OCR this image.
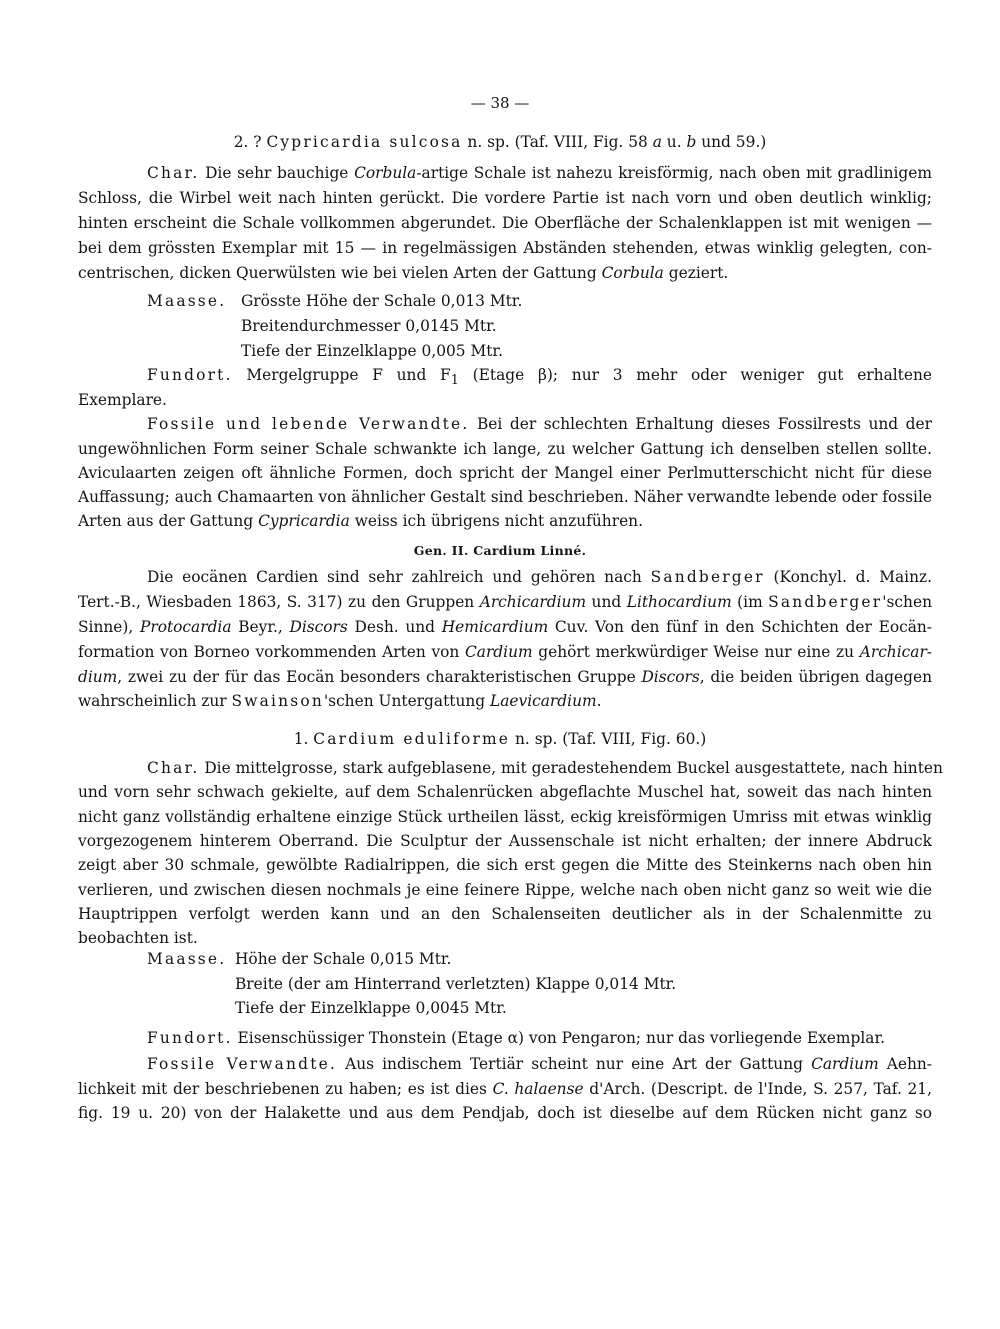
— 38 —
2. ? Cypricardia sulcosa n. sp. (Taf. VIII, Fig. 58 a u. b und 59.)
Char. Die sehr bauchige Corbula-artige Schale ist nahezu kreisförmig, nach oben mit gradlinigem
Schloss, die Wirbel weit nach hinten gerückt. Die vordere Partie ist nach vorn und oben deutlich winklig;
hinten erscheint die Schale vollkommen abgerundet. Die Oberfläche der Schalenklappen ist mit wenigen —
bei dem grössten Exemplar mit 15 — in regelmässigen Abständen stehenden, etwas winklig gelegten, con-
centrischen, dicken Querwülsten wie bei vielen Arten der Gattung Corbula geziert.
Maasse. Grösste Höhe der Schale 0,013 Mtr.
Breitendurchmesser 0,0145 Mtr.
Tiefe der Einzelklappe 0,005 Mtr.
Fundort. Mergelgruppe F und $F_1$ (Etage β); nur 3 mehr oder weniger gut erhaltene
Exemplare.
Fossile und lebende Verwandte. Bei der schlechten Erhaltung dieses Fossilrests und der
ungewöhnlichen Form seiner Schale schwankte ich lange, zu welcher Gattung ich denselben stellen sollte.
Aviculaarten zeigen oft ähnliche Formen, doch spricht der Mangel einer Perlmutterschicht nicht für diese
Auffassung; auch Chamaarten von ähnlicher Gestalt sind beschrieben. Näher verwandte lebende oder fossile
Arten aus der Gattung Cypricardia weiss ich übrigens nicht anzuführen.
Gen. II. Cardium Linné.
Die eocänen Cardien sind sehr zahlreich und gehören nach Sandberger (Konchyl. d. Mainz.
Tert.-B., Wiesbaden 1863, S. 317) zu den Gruppen Archicardium und Lithocardium (im Sandberger'schen
Sinne), Protocardia Beyr., Discors Desh. und Hemicardium Cuv. Von den fünf in den Schichten der Eocän-
formation von Borneo vorkommenden Arten von Cardium gehört merkwürdiger Weise nur eine zu Archicar-
dium, zwei zu der für das Eocän besonders charakteristischen Gruppe Discors, die beiden übrigen dagegen
wahrscheinlich zur Swainson'schen Untergattung Laevicardium.
1. Cardium eduliforme n. sp. (Taf. VIII, Fig. 60.)
Char. Die mittelgrosse, stark aufgeblasene, mit geradestehendem Buckel ausgestattete, nach hinten
und vorn sehr schwach gekielte, auf dem Schalenrücken abgeflachte Muschel hat, soweit das nach hinten
nicht ganz vollständig erhaltene einzige Stück urtheilen lässt, eckig kreisförmigen Umriss mit etwas winklig
vorgezogenem hinterem Oberrand. Die Sculptur der Aussenschale ist nicht erhalten; der innere Abdruck
zeigt aber 30 schmale, gewölbte Radialrippen, die sich erst gegen die Mitte des Steinkerns nach oben hin
verlieren, und zwischen diesen nochmals je eine feinere Rippe, welche nach oben nicht ganz so weit wie die
Hauptrippen verfolgt werden kann und an den Schalenseiten deutlicher als in der Schalenmitte zu
beobachten ist.
Maasse. Höhe der Schale 0,015 Mtr.
Breite (der am Hinterrand verletzten) Klappe 0,014 Mtr.
Tiefe der Einzelklappe 0,0045 Mtr.
Fundort. Eisenschüssiger Thonstein (Etage α) von Pengaron; nur das vorliegende Exemplar.
Fossile Verwandte. Aus indischem Tertiär scheint nur eine Art der Gattung Cardium Aehn-
lichkeit mit der beschriebenen zu haben; es ist dies C. halaense d'Arch. (Descript. de l'Inde, S. 257, Taf. 21,
fig. 19 u. 20) von der Halakette und aus dem Pendjab, doch ist dieselbe auf dem Rücken nicht ganz so
